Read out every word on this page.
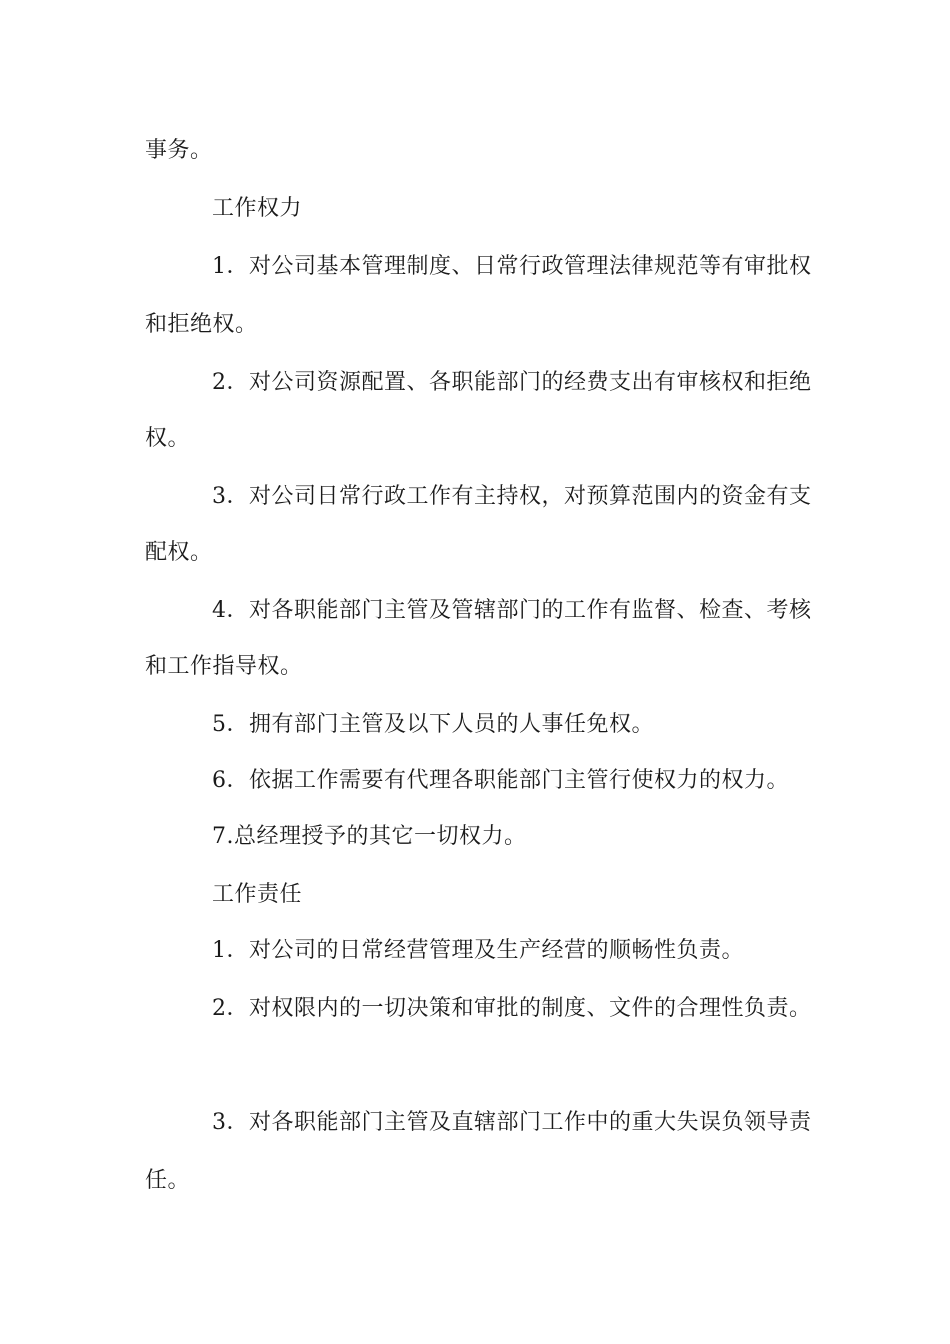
事务。
工作权力
1．对公司基本管理制度、日常行政管理法律规范等有审批权
和拒绝权。
2．对公司资源配置、各职能部门的经费支出有审核权和拒绝
权。
3．对公司日常行政工作有主持权，对预算范围内的资金有支
配权。
4．对各职能部门主管及管辖部门的工作有监督、检查、考核
和工作指导权。
5．拥有部门主管及以下人员的人事任免权。
6．依据工作需要有代理各职能部门主管行使权力的权力。
7.总经理授予的其它一切权力。
工作责任
1．对公司的日常经营管理及生产经营的顺畅性负责。
2．对权限内的一切决策和审批的制度、文件的合理性负责。
3．对各职能部门主管及直辖部门工作中的重大失误负领导责
任。
